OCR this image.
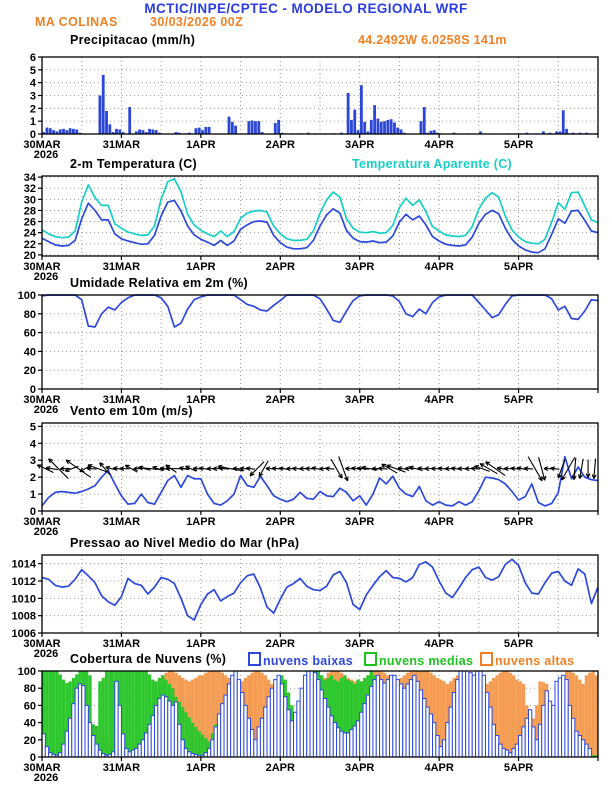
MCTIC/INPE/CPTEC - MODELO REGIONAL WRF
MA COLINAS	30/03/2026 00Z
Precipitacao (mm/h)	44.2492W 6.0258S 141m
2-m Temperatura (C)	Temperatura Aparente (C)
Umidade Relativa em 2m (%)
Vento em 10m (m/s)
Pressao ao Nivel Medio do Mar (hPa)
Cobertura de Nuvens (%)	nuvens baixas	nuvens medias	nuvens altas
0
1
2
3
4
5
6
30MAR
2026
31MAR	1APR	2APR	3APR	4APR	5APR
20
22
24
26
28
30
32
34
30MAR
2026
31MAR	1APR	2APR	3APR	4APR	5APR
0
20
40
60
80
100
30MAR
2026
31MAR	1APR	2APR	3APR	4APR	5APR
0
1
2
3
4
5
30MAR
2026
31MAR	1APR	2APR	3APR	4APR	5APR
1006
1008
1010
1012
1014
30MAR
2026
31MAR	1APR	2APR	3APR	4APR	5APR
0
20
40
60
80
100
30MAR
2026
31MAR	1APR	2APR	3APR	4APR	5APR
